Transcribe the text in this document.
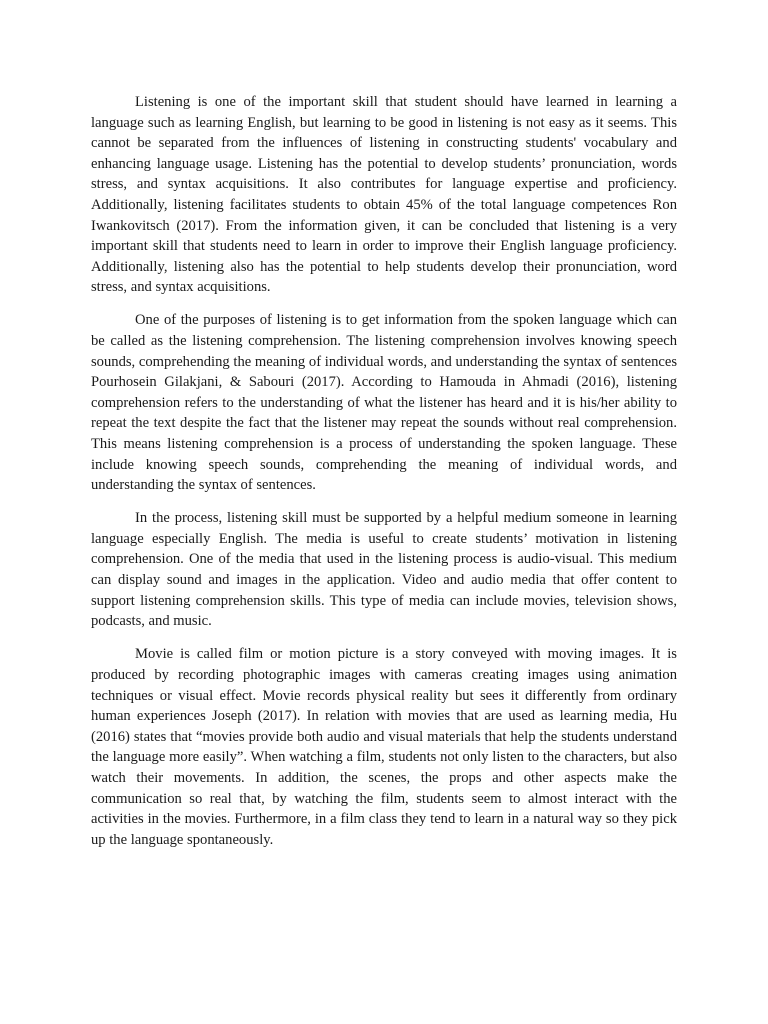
Listening is one of the important skill that student should have learned in learning a language such as learning English, but learning to be good in listening is not easy as it seems. This cannot be separated from the influences of listening in constructing students' vocabulary and enhancing language usage. Listening has the potential to develop students’ pronunciation, words stress, and syntax acquisitions. It also contributes for language expertise and proficiency. Additionally, listening facilitates students to obtain 45% of the total language competences Ron Iwankovitsch (2017). From the information given, it can be concluded that listening is a very important skill that students need to learn in order to improve their English language proficiency. Additionally, listening also has the potential to help students develop their pronunciation, word stress, and syntax acquisitions.

One of the purposes of listening is to get information from the spoken language which can be called as the listening comprehension. The listening comprehension involves knowing speech sounds, comprehending the meaning of individual words, and understanding the syntax of sentences Pourhosein Gilakjani, & Sabouri (2017). According to Hamouda in Ahmadi (2016), listening comprehension refers to the understanding of what the listener has heard and it is his/her ability to repeat the text despite the fact that the listener may repeat the sounds without real comprehension. This means listening comprehension is a process of understanding the spoken language. These include knowing speech sounds, comprehending the meaning of individual words, and understanding the syntax of sentences.

In the process, listening skill must be supported by a helpful medium someone in learning language especially English. The media is useful to create students’ motivation in listening comprehension. One of the media that used in the listening process is audio-visual. This medium can display sound and images in the application. Video and audio media that offer content to support listening comprehension skills. This type of media can include movies, television shows, podcasts, and music.

Movie is called film or motion picture is a story conveyed with moving images. It is produced by recording photographic images with cameras creating images using animation techniques or visual effect. Movie records physical reality but sees it differently from ordinary human experiences Joseph (2017). In relation with movies that are used as learning media, Hu (2016) states that “movies provide both audio and visual materials that help the students understand the language more easily”. When watching a film, students not only listen to the characters, but also watch their movements. In addition, the scenes, the props and other aspects make the communication so real that, by watching the film, students seem to almost interact with the activities in the movies. Furthermore, in a film class they tend to learn in a natural way so they pick up the language spontaneously.
